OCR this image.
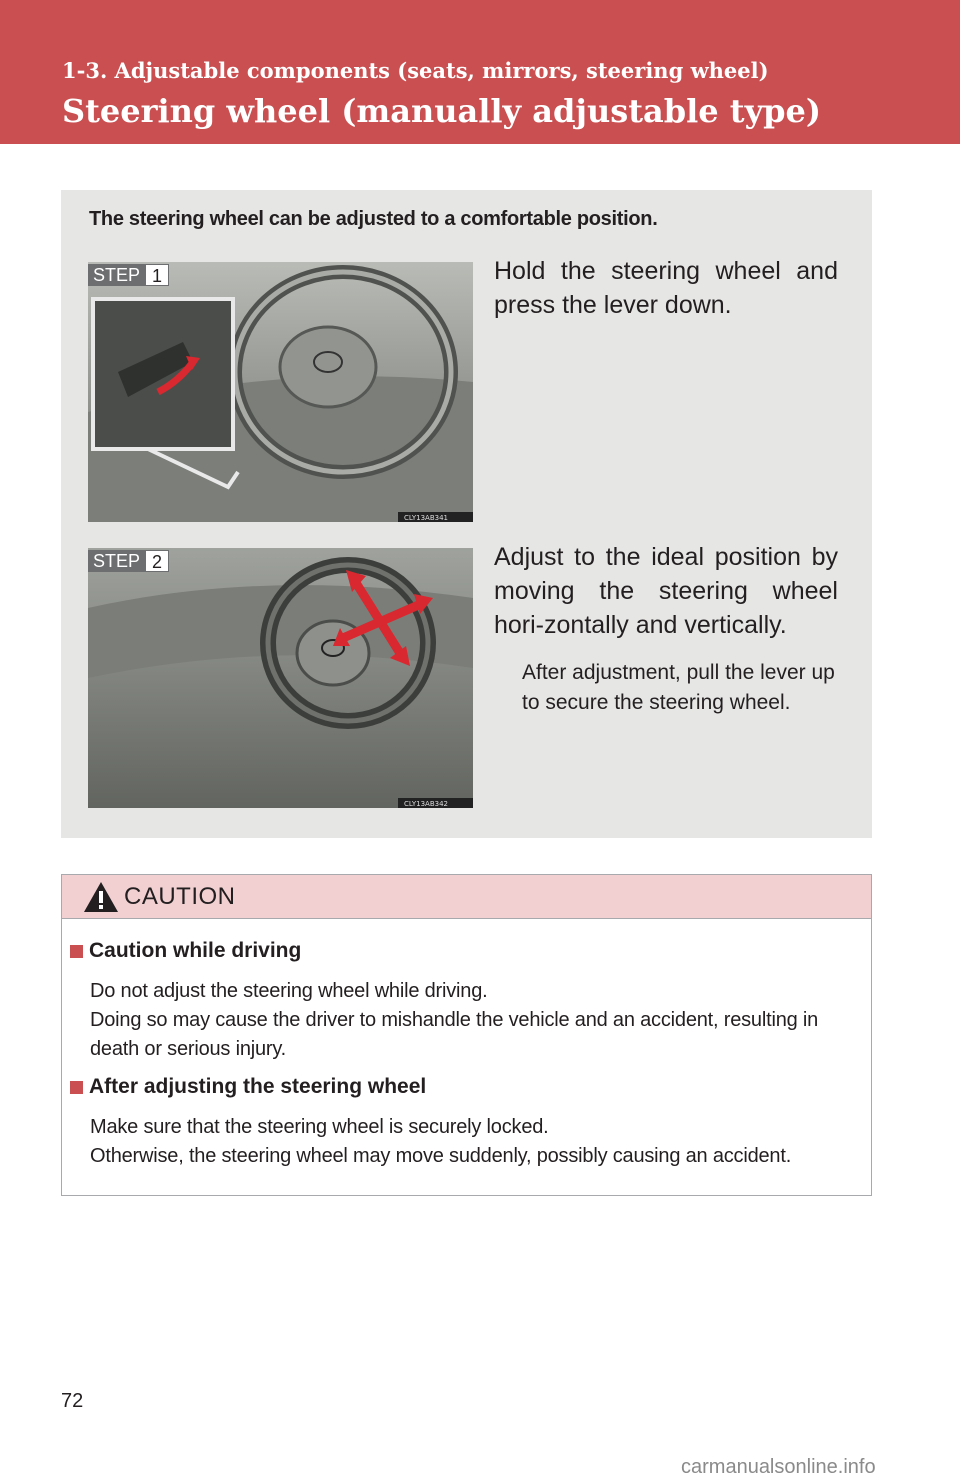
1-3. Adjustable components (seats, mirrors, steering wheel)
Steering wheel (manually adjustable type)

The steering wheel can be adjusted to a comfortable position.

STEP 1
CLY13AB341

Hold the steering wheel and press the lever down.

STEP 2
CLY13AB342

Adjust to the ideal position by moving the steering wheel hori-zontally and vertically.

After adjustment, pull the lever up to secure the steering wheel.

CAUTION
Caution while driving

Do not adjust the steering wheel while driving.

Doing so may cause the driver to mishandle the vehicle and an accident, resulting in death or serious injury.

After adjusting the steering wheel

Make sure that the steering wheel is securely locked.

Otherwise, the steering wheel may move suddenly, possibly causing an accident.

72
carmanualsonline.info
